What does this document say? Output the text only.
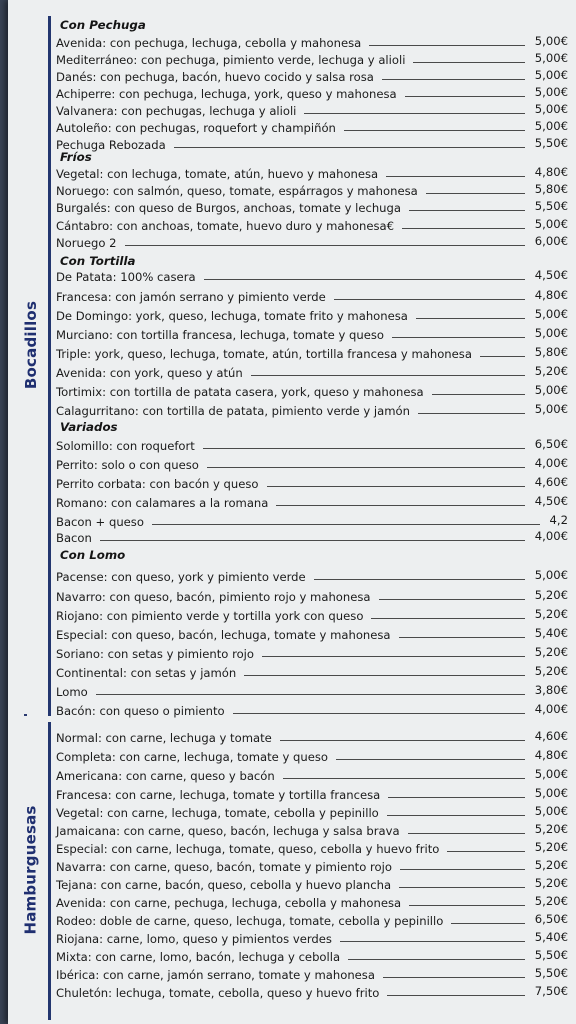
Bocadillos
Hamburguesas
Con Pechuga
Avenida: con pechuga, lechuga, cebolla y mahonesa	5,00€
Mediterráneo: con pechuga, pimiento verde, lechuga y alioli	5,00€
Danés: con pechuga, bacón, huevo cocido y salsa rosa	5,00€
Achiperre: con pechuga, lechuga, york, queso y mahonesa	5,00€
Valvanera: con pechugas, lechuga y alioli	5,00€
Autoleño: con pechugas, roquefort y champiñón	5,00€
Pechuga Rebozada	5,50€
Fríos
Vegetal: con lechuga, tomate, atún, huevo y mahonesa	4,80€
Noruego: con salmón, queso, tomate, espárragos y mahonesa	5,80€
Burgalés: con queso de Burgos, anchoas, tomate y lechuga	5,50€
Cántabro: con anchoas, tomate, huevo duro y mahonesa€	5,00€
Noruego 2	6,00€
Con Tortilla
De Patata: 100% casera	4,50€
Francesa: con jamón serrano y pimiento verde	4,80€
De Domingo: york, queso, lechuga, tomate frito y mahonesa	5,00€
Murciano: con tortilla francesa, lechuga, tomate y queso	5,00€
Triple: york, queso, lechuga, tomate, atún, tortilla francesa y mahonesa	5,80€
Avenida: con york, queso y atún	5,20€
Tortimix: con tortilla de patata casera, york, queso y mahonesa	5,00€
Calagurritano: con tortilla de patata, pimiento verde y jamón	5,00€
Variados
Solomillo: con roquefort	6,50€
Perrito: solo o con queso	4,00€
Perrito corbata: con bacón y queso	4,60€
Romano: con calamares a la romana	4,50€
Bacon + queso	4,2
Bacon	4,00€
Con Lomo
Pacense: con queso, york y pimiento verde	5,00€
Navarro: con queso, bacón, pimiento rojo y mahonesa	5,20€
Riojano: con pimiento verde y tortilla york con queso	5,20€
Especial: con queso, bacón, lechuga, tomate y mahonesa	5,40€
Soriano: con setas y pimiento rojo	5,20€
Continental: con setas y jamón	5,20€
Lomo	3,80€
Bacón: con queso o pimiento	4,00€
Normal: con carne, lechuga y tomate	4,60€
Completa: con carne, lechuga, tomate y queso	4,80€
Americana: con carne, queso y bacón	5,00€
Francesa: con carne, lechuga, tomate y tortilla francesa	5,00€
Vegetal: con carne, lechuga, tomate, cebolla y pepinillo	5,00€
Jamaicana: con carne, queso, bacón, lechuga y salsa brava	5,20€
Especial: con carne, lechuga, tomate, queso, cebolla y huevo frito	5,20€
Navarra: con carne, queso, bacón, tomate y pimiento rojo	5,20€
Tejana: con carne, bacón, queso, cebolla y huevo plancha	5,20€
Avenida: con carne, pechuga, lechuga, cebolla y mahonesa	5,20€
Rodeo: doble de carne, queso, lechuga, tomate, cebolla y pepinillo	6,50€
Riojana: carne, lomo, queso y pimientos verdes	5,40€
Mixta: con carne, lomo, bacón, lechuga y cebolla	5,50€
Ibérica: con carne, jamón serrano, tomate y mahonesa	5,50€
Chuletón: lechuga, tomate, cebolla, queso y huevo frito	7,50€
